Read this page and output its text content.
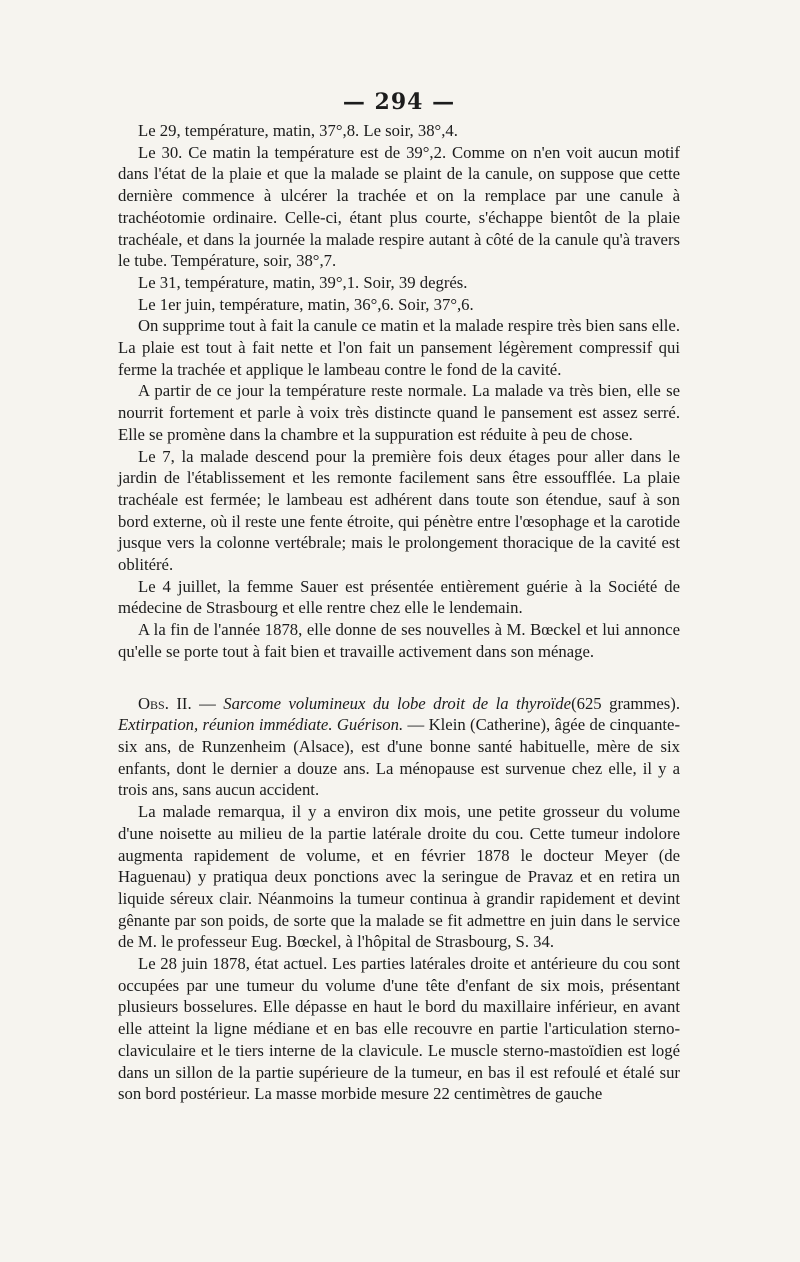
— 294 —

Le 29, température, matin, 37°,8. Le soir, 38°,4.

Le 30. Ce matin la température est de 39°,2. Comme on n'en voit aucun motif dans l'état de la plaie et que la malade se plaint de la canule, on suppose que cette dernière commence à ulcérer la trachée et on la remplace par une canule à trachéotomie ordinaire. Celle-ci, étant plus courte, s'échappe bientôt de la plaie trachéale, et dans la journée la malade respire autant à côté de la canule qu'à travers le tube. Température, soir, 38°,7.

Le 31, température, matin, 39°,1. Soir, 39 degrés.

Le 1er juin, température, matin, 36°,6. Soir, 37°,6.

On supprime tout à fait la canule ce matin et la malade respire très bien sans elle. La plaie est tout à fait nette et l'on fait un pansement légèrement compressif qui ferme la trachée et applique le lambeau contre le fond de la cavité.

A partir de ce jour la température reste normale. La malade va très bien, elle se nourrit fortement et parle à voix très distincte quand le pansement est assez serré. Elle se promène dans la chambre et la suppuration est réduite à peu de chose.

Le 7, la malade descend pour la première fois deux étages pour aller dans le jardin de l'établissement et les remonte facilement sans être essoufflée. La plaie trachéale est fermée; le lambeau est adhérent dans toute son étendue, sauf à son bord externe, où il reste une fente étroite, qui pénètre entre l'œsophage et la carotide jusque vers la colonne vertébrale; mais le prolongement thoracique de la cavité est oblitéré.

Le 4 juillet, la femme Sauer est présentée entièrement guérie à la Société de médecine de Strasbourg et elle rentre chez elle le lendemain.

A la fin de l'année 1878, elle donne de ses nouvelles à M. Bœckel et lui annonce qu'elle se porte tout à fait bien et travaille activement dans son ménage.

Obs. II. — Sarcome volumineux du lobe droit de la thyroïde(625 grammes). Extirpation, réunion immédiate. Guérison. — Klein (Catherine), âgée de cinquante-six ans, de Runzenheim (Alsace), est d'une bonne santé habituelle, mère de six enfants, dont le dernier a douze ans. La ménopause est survenue chez elle, il y a trois ans, sans aucun accident.

La malade remarqua, il y a environ dix mois, une petite grosseur du volume d'une noisette au milieu de la partie latérale droite du cou. Cette tumeur indolore augmenta rapidement de volume, et en février 1878 le docteur Meyer (de Haguenau) y pratiqua deux ponctions avec la seringue de Pravaz et en retira un liquide séreux clair. Néanmoins la tumeur continua à grandir rapidement et devint gênante par son poids, de sorte que la malade se fit admettre en juin dans le service de M. le professeur Eug. Bœckel, à l'hôpital de Strasbourg, S. 34.

Le 28 juin 1878, état actuel. Les parties latérales droite et antérieure du cou sont occupées par une tumeur du volume d'une tête d'enfant de six mois, présentant plusieurs bosselures. Elle dépasse en haut le bord du maxillaire inférieur, en avant elle atteint la ligne médiane et en bas elle recouvre en partie l'articulation sterno-claviculaire et le tiers interne de la clavicule. Le muscle sterno-mastoïdien est logé dans un sillon de la partie supérieure de la tumeur, en bas il est refoulé et étalé sur son bord postérieur. La masse morbide mesure 22 centimètres de gauche
